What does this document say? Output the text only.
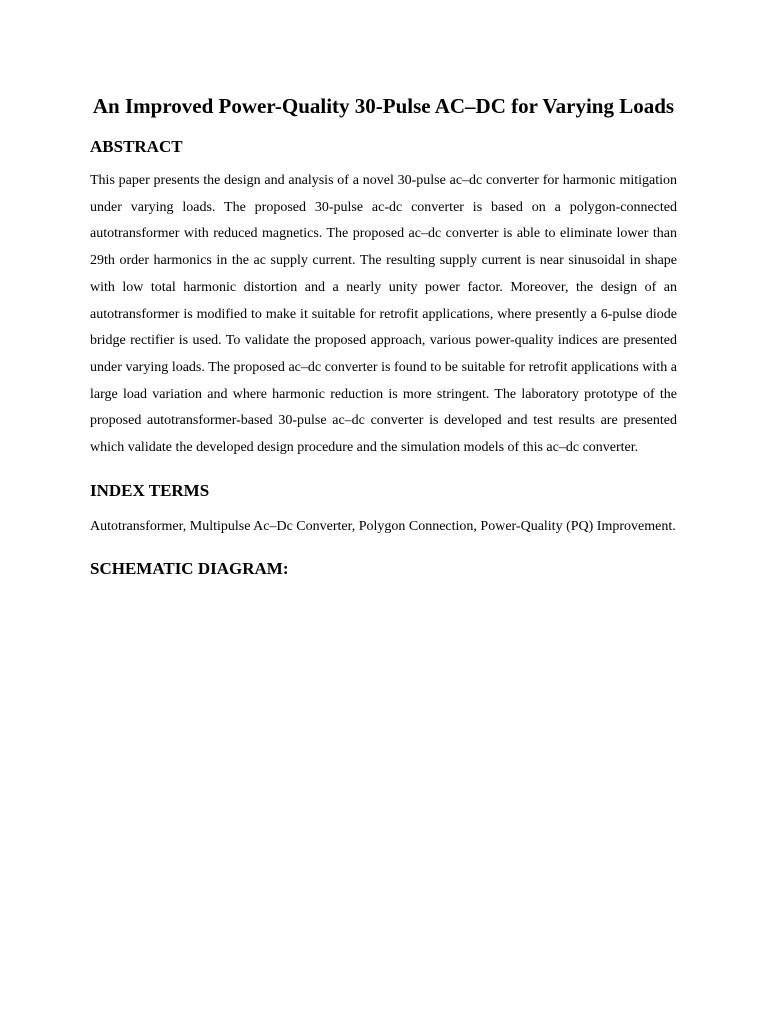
An Improved Power-Quality 30-Pulse AC–DC for Varying Loads
ABSTRACT

This paper presents the design and analysis of a novel 30-pulse ac–dc converter for harmonic mitigation under varying loads. The proposed 30-pulse ac-dc converter is based on a polygon-connected autotransformer with reduced magnetics. The proposed ac–dc converter is able to eliminate lower than 29th order harmonics in the ac supply current. The resulting supply current is near sinusoidal in shape with low total harmonic distortion and a nearly unity power factor. Moreover, the design of an autotransformer is modified to make it suitable for retrofit applications, where presently a 6-pulse diode bridge rectifier is used. To validate the proposed approach, various power-quality indices are presented under varying loads. The proposed ac–dc converter is found to be suitable for retrofit applications with a large load variation and where harmonic reduction is more stringent. The laboratory prototype of the proposed autotransformer-based 30-pulse ac–dc converter is developed and test results are presented which validate the developed design procedure and the simulation models of this ac–dc converter.

INDEX TERMS

Autotransformer, Multipulse Ac–Dc Converter, Polygon Connection, Power-Quality (PQ) Improvement.

SCHEMATIC DIAGRAM:
